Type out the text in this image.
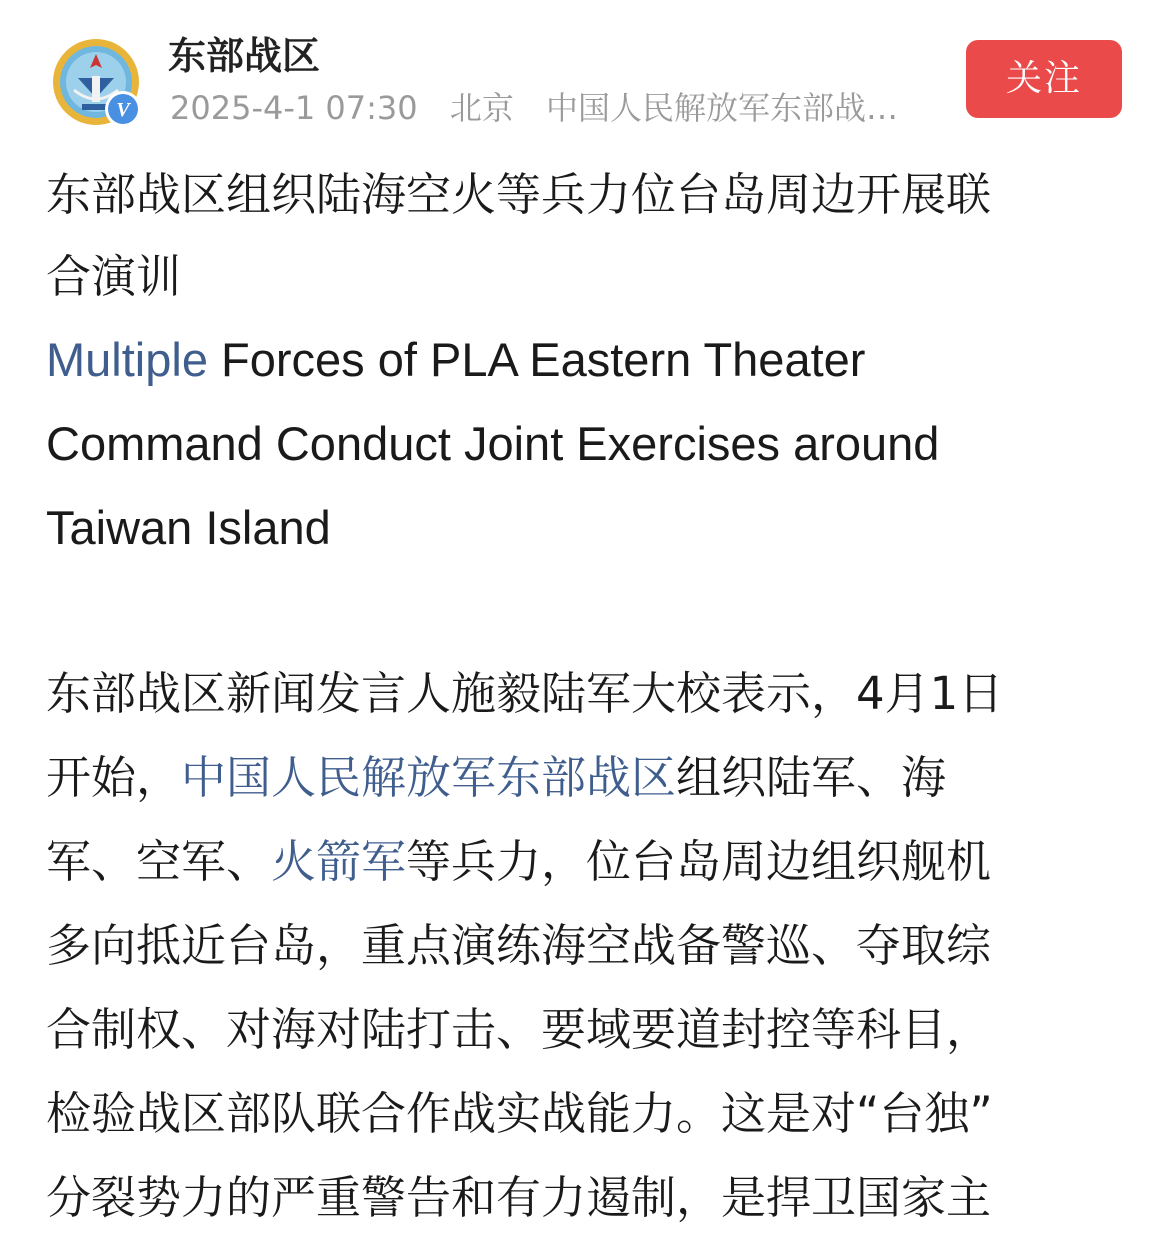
V
东部战区
2025-4-1 07:30 北京 中国人民解放军东部战…
关注
东部战区组织陆海空火等兵力位台岛周边开展联
合演训
Multiple Forces of PLA Eastern Theater
Command Conduct Joint Exercises around
Taiwan Island
东部战区新闻发言人施毅陆军大校表示，4月1日
开始，中国人民解放军东部战区组织陆军、海
军、空军、火箭军等兵力，位台岛周边组织舰机
多向抵近台岛，重点演练海空战备警巡、夺取综
合制权、对海对陆打击、要域要道封控等科目，
检验战区部队联合作战实战能力。这是对“台独”
分裂势力的严重警告和有力遏制，是捍卫国家主
